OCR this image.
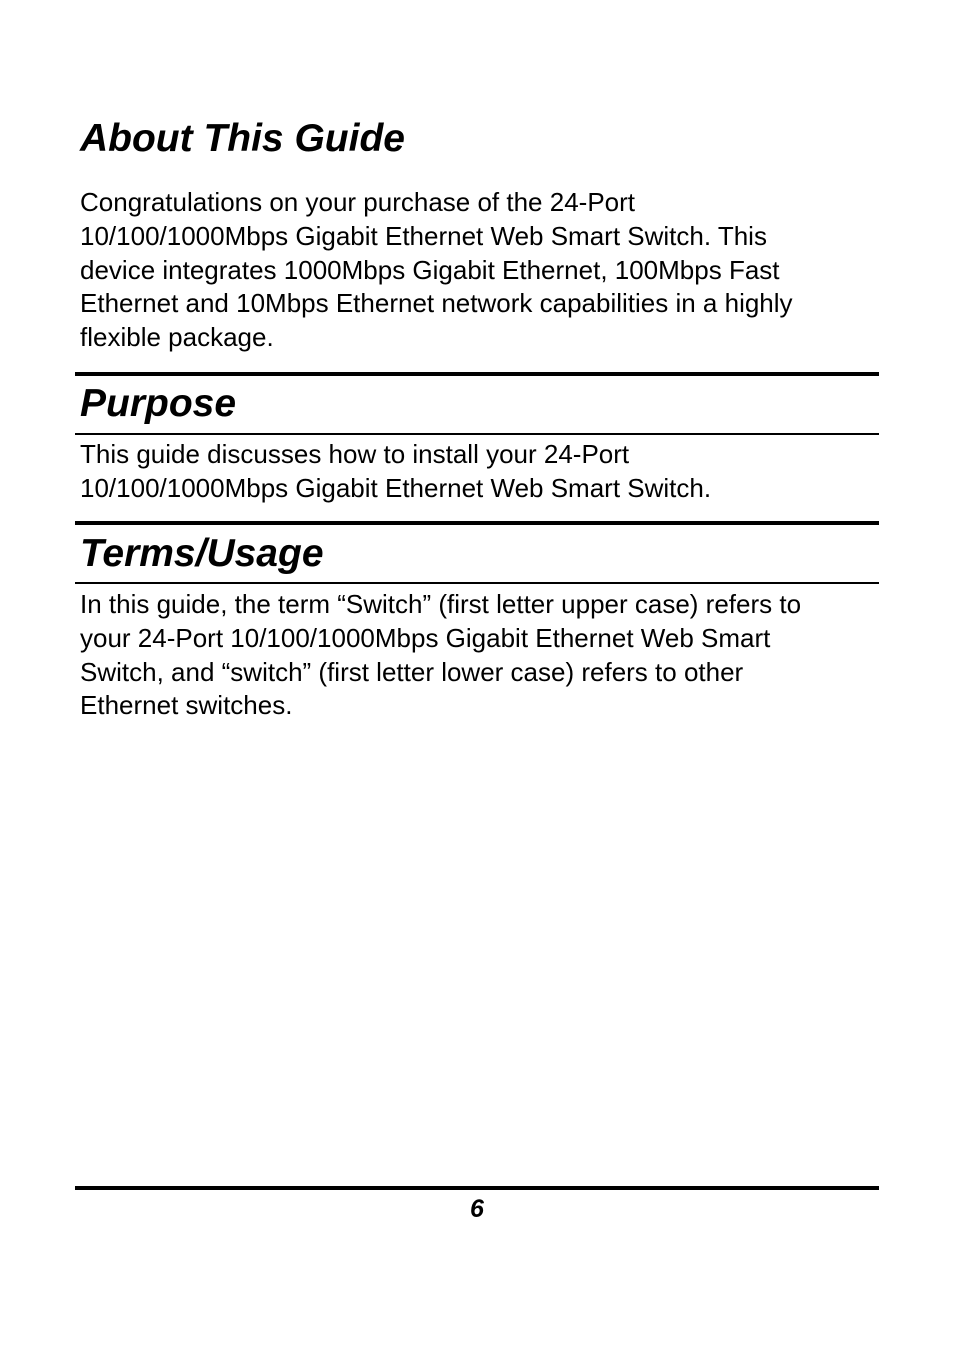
About This Guide

Congratulations on your purchase of the 24-Port
10/100/1000Mbps Gigabit Ethernet Web Smart Switch. This
device integrates 1000Mbps Gigabit Ethernet, 100Mbps Fast
Ethernet and 10Mbps Ethernet network capabilities in a highly
flexible package.

Purpose

This guide discusses how to install your 24-Port
10/100/1000Mbps Gigabit Ethernet Web Smart Switch.

Terms/Usage

In this guide, the term “Switch” (first letter upper case) refers to
your 24-Port 10/100/1000Mbps Gigabit Ethernet Web Smart
Switch, and “switch” (first letter lower case) refers to other
Ethernet switches.

6
